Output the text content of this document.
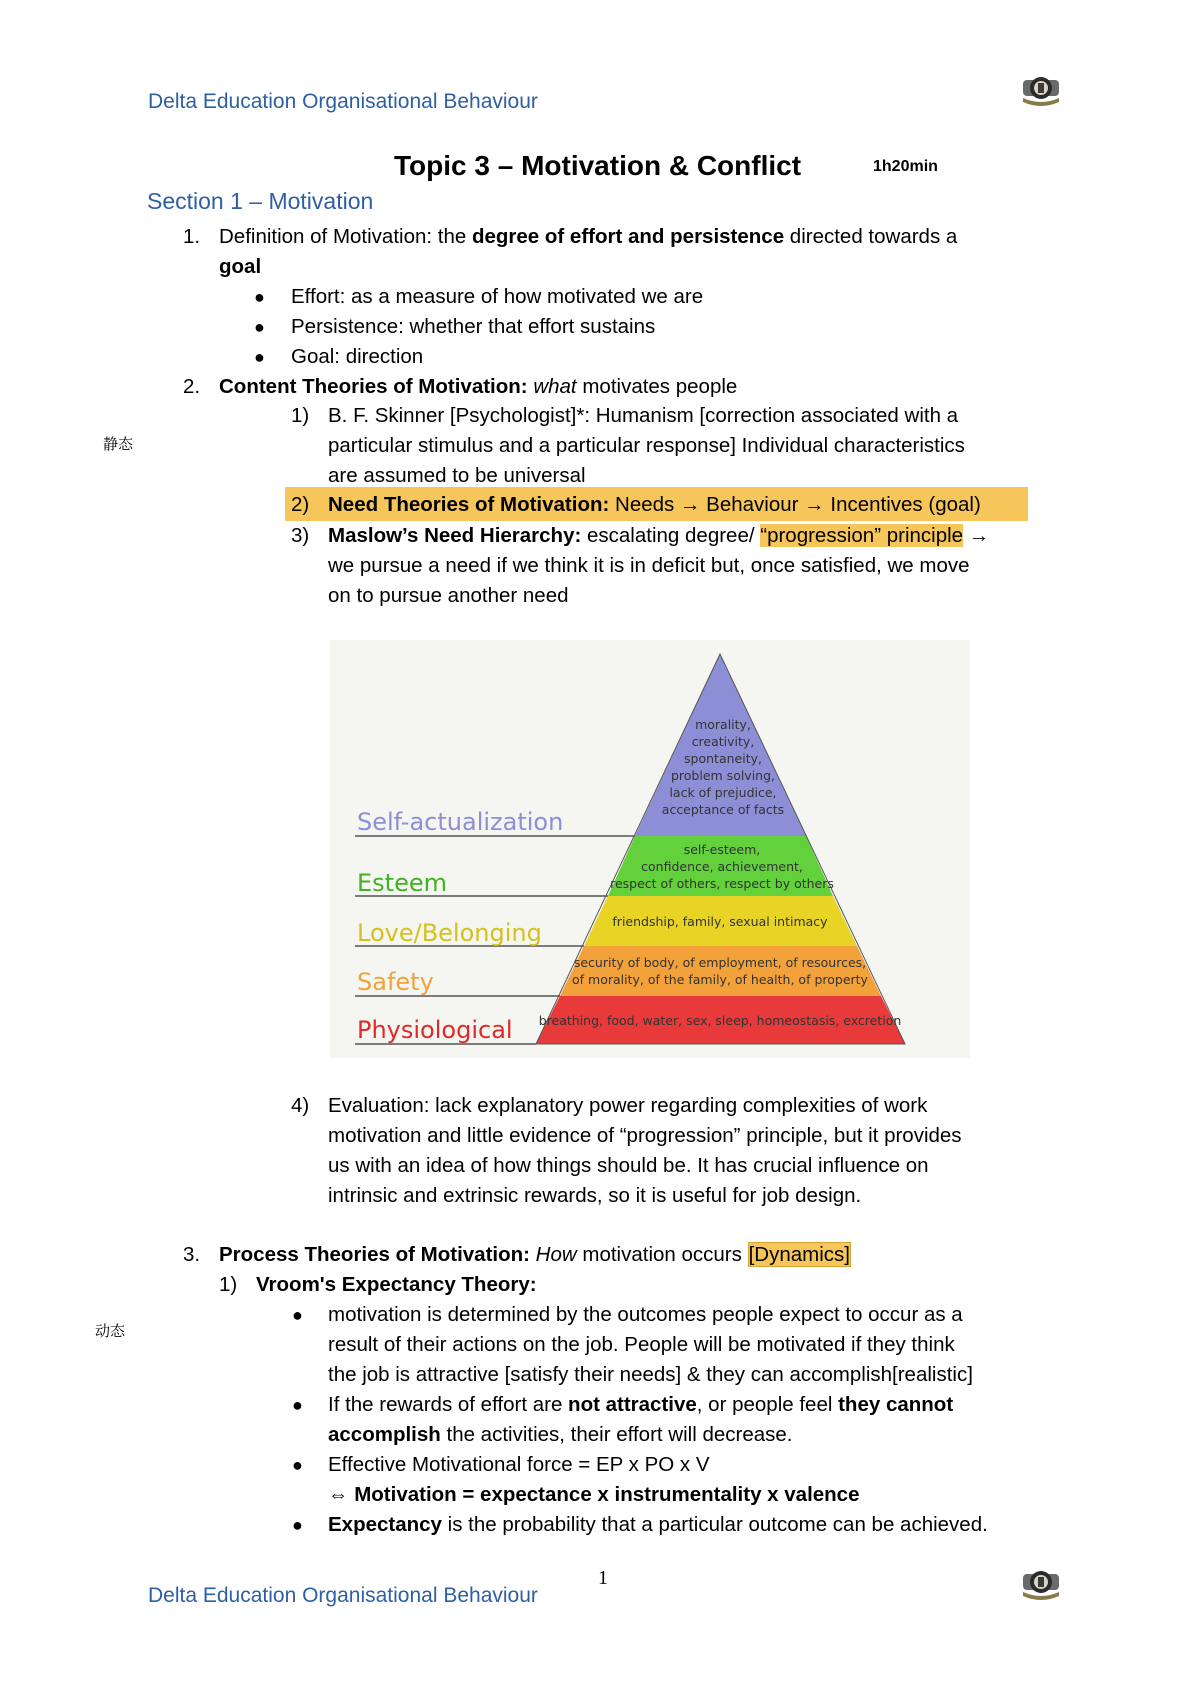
Delta Education Organisational Behaviour
Topic 3 – Motivation & Conflict	1h20min
Section 1 – Motivation
1. Definition of Motivation: the degree of effort and persistence directed towards a
goal
● Effort: as a measure of how motivated we are
● Persistence: whether that effort sustains
● Goal: direction
2. Content Theories of Motivation: what motivates people
静态
1) B. F. Skinner [Psychologist]*: Humanism [correction associated with a
particular stimulus and a particular response] Individual characteristics
are assumed to be universal
2) Need Theories of Motivation: Needs → Behaviour → Incentives (goal)
3) Maslow’s Need Hierarchy: escalating degree/ “progression” principle →
we pursue a need if we think it is in deficit but, once satisfied, we move
on to pursue another need
Self-actualization
Esteem
Love/Belonging
Safety
Physiological
morality,
creativity,
spontaneity,
problem solving,
lack of prejudice,
acceptance of facts
self-esteem,
confidence, achievement,
respect of others, respect by others
friendship, family, sexual intimacy
security of body, of employment, of resources,
of morality, of the family, of health, of property
breathing, food, water, sex, sleep, homeostasis, excretion
4) Evaluation: lack explanatory power regarding complexities of work
motivation and little evidence of “progression” principle, but it provides
us with an idea of how things should be. It has crucial influence on
intrinsic and extrinsic rewards, so it is useful for job design.
3. Process Theories of Motivation: How motivation occurs [Dynamics]
动态
1) Vroom's Expectancy Theory:
● motivation is determined by the outcomes people expect to occur as a
result of their actions on the job. People will be motivated if they think
the job is attractive [satisfy their needs] & they can accomplish[realistic]
● If the rewards of effort are not attractive, or people feel they cannot
accomplish the activities, their effort will decrease.
● Effective Motivational force = EP x PO x V
⇔ Motivation = expectance x instrumentality x valence
● Expectancy is the probability that a particular outcome can be achieved.
1
Delta Education Organisational Behaviour
